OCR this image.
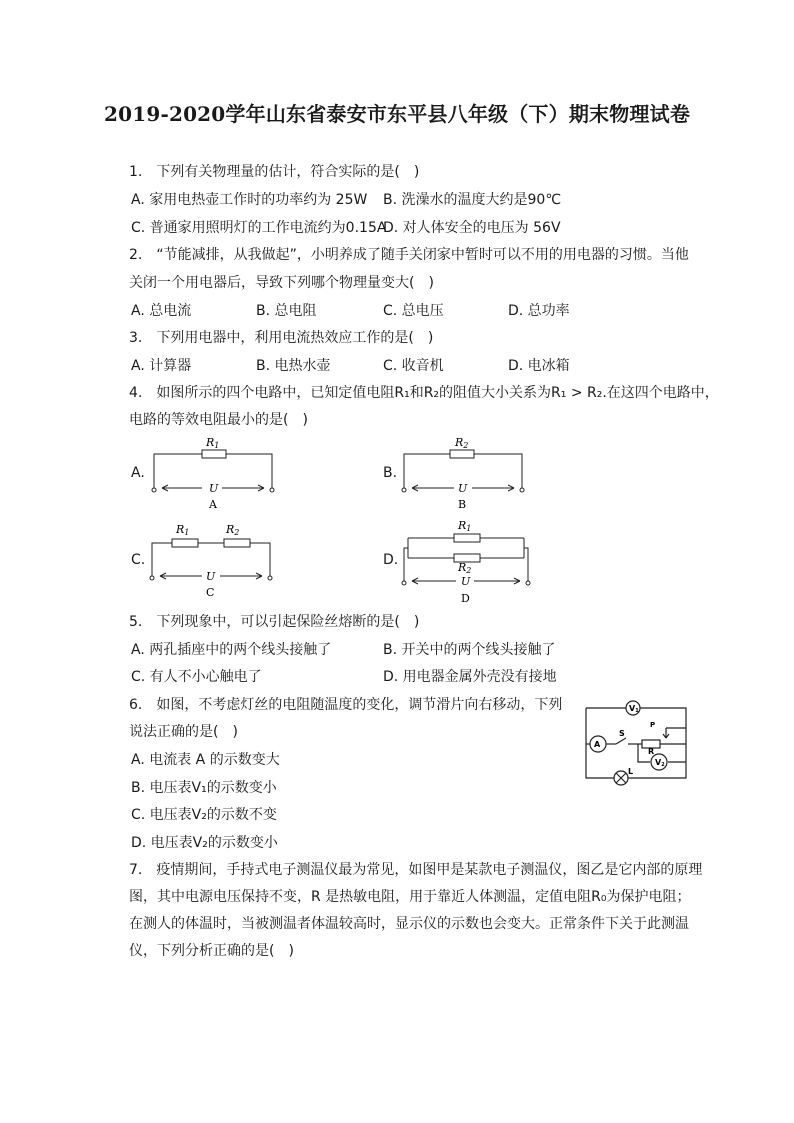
2019-2020学年山东省泰安市东平县八年级（下）期末物理试卷
1.　下列有关物理量的估计，符合实际的是(　)
A. 家用电热壶工作时的功率约为 25W B. 洗澡水的温度大约是90℃
C. 普通家用照明灯的工作电流约为0.15A
D. 对人体安全的电压为 56V
2.　“节能减排，从我做起”，小明养成了随手关闭家中暂时可以不用的用电器的习惯。当他
关闭一个用电器后，导致下列哪个物理量变大(　)
A. 总电流	B. 总电阻	C. 总电压	D. 总功率
3.　下列用电器中，利用电流热效应工作的是(　)
A. 计算器	B. 电热水壶	C. 收音机	D. 电冰箱
4.　如图所示的四个电路中，已知定值电阻R₁和R₂的阻值大小关系为R₁ > R₂.在这四个电路中，
电路的等效电阻最小的是(　)
A.	B.
C.	D.
R1
U
A
R2
U
B
R1	R2
U
C
R1
R2
U
D
5.　下列现象中，可以引起保险丝熔断的是(　)
A. 两孔插座中的两个线头接触了	B. 开关中的两个线头接触了
C. 有人不小心触电了	D. 用电器金属外壳没有接地
6.　如图，不考虑灯丝的电阻随温度的变化，调节滑片向右移动，下列
说法正确的是(　)
A. 电流表 A 的示数变大
B. 电压表V₁的示数变小
C. 电压表V₂的示数不变
D. 电压表V₂的示数变小
V1
A
V2
S
P
R
L
7.　疫情期间，手持式电子测温仪最为常见，如图甲是某款电子测温仪，图乙是它内部的原理
图，其中电源电压保持不变，R 是热敏电阻，用于靠近人体测温，定值电阻R₀为保护电阻；
在测人的体温时，当被测温者体温较高时，显示仪的示数也会变大。正常条件下关于此测温
仪，下列分析正确的是(　)
